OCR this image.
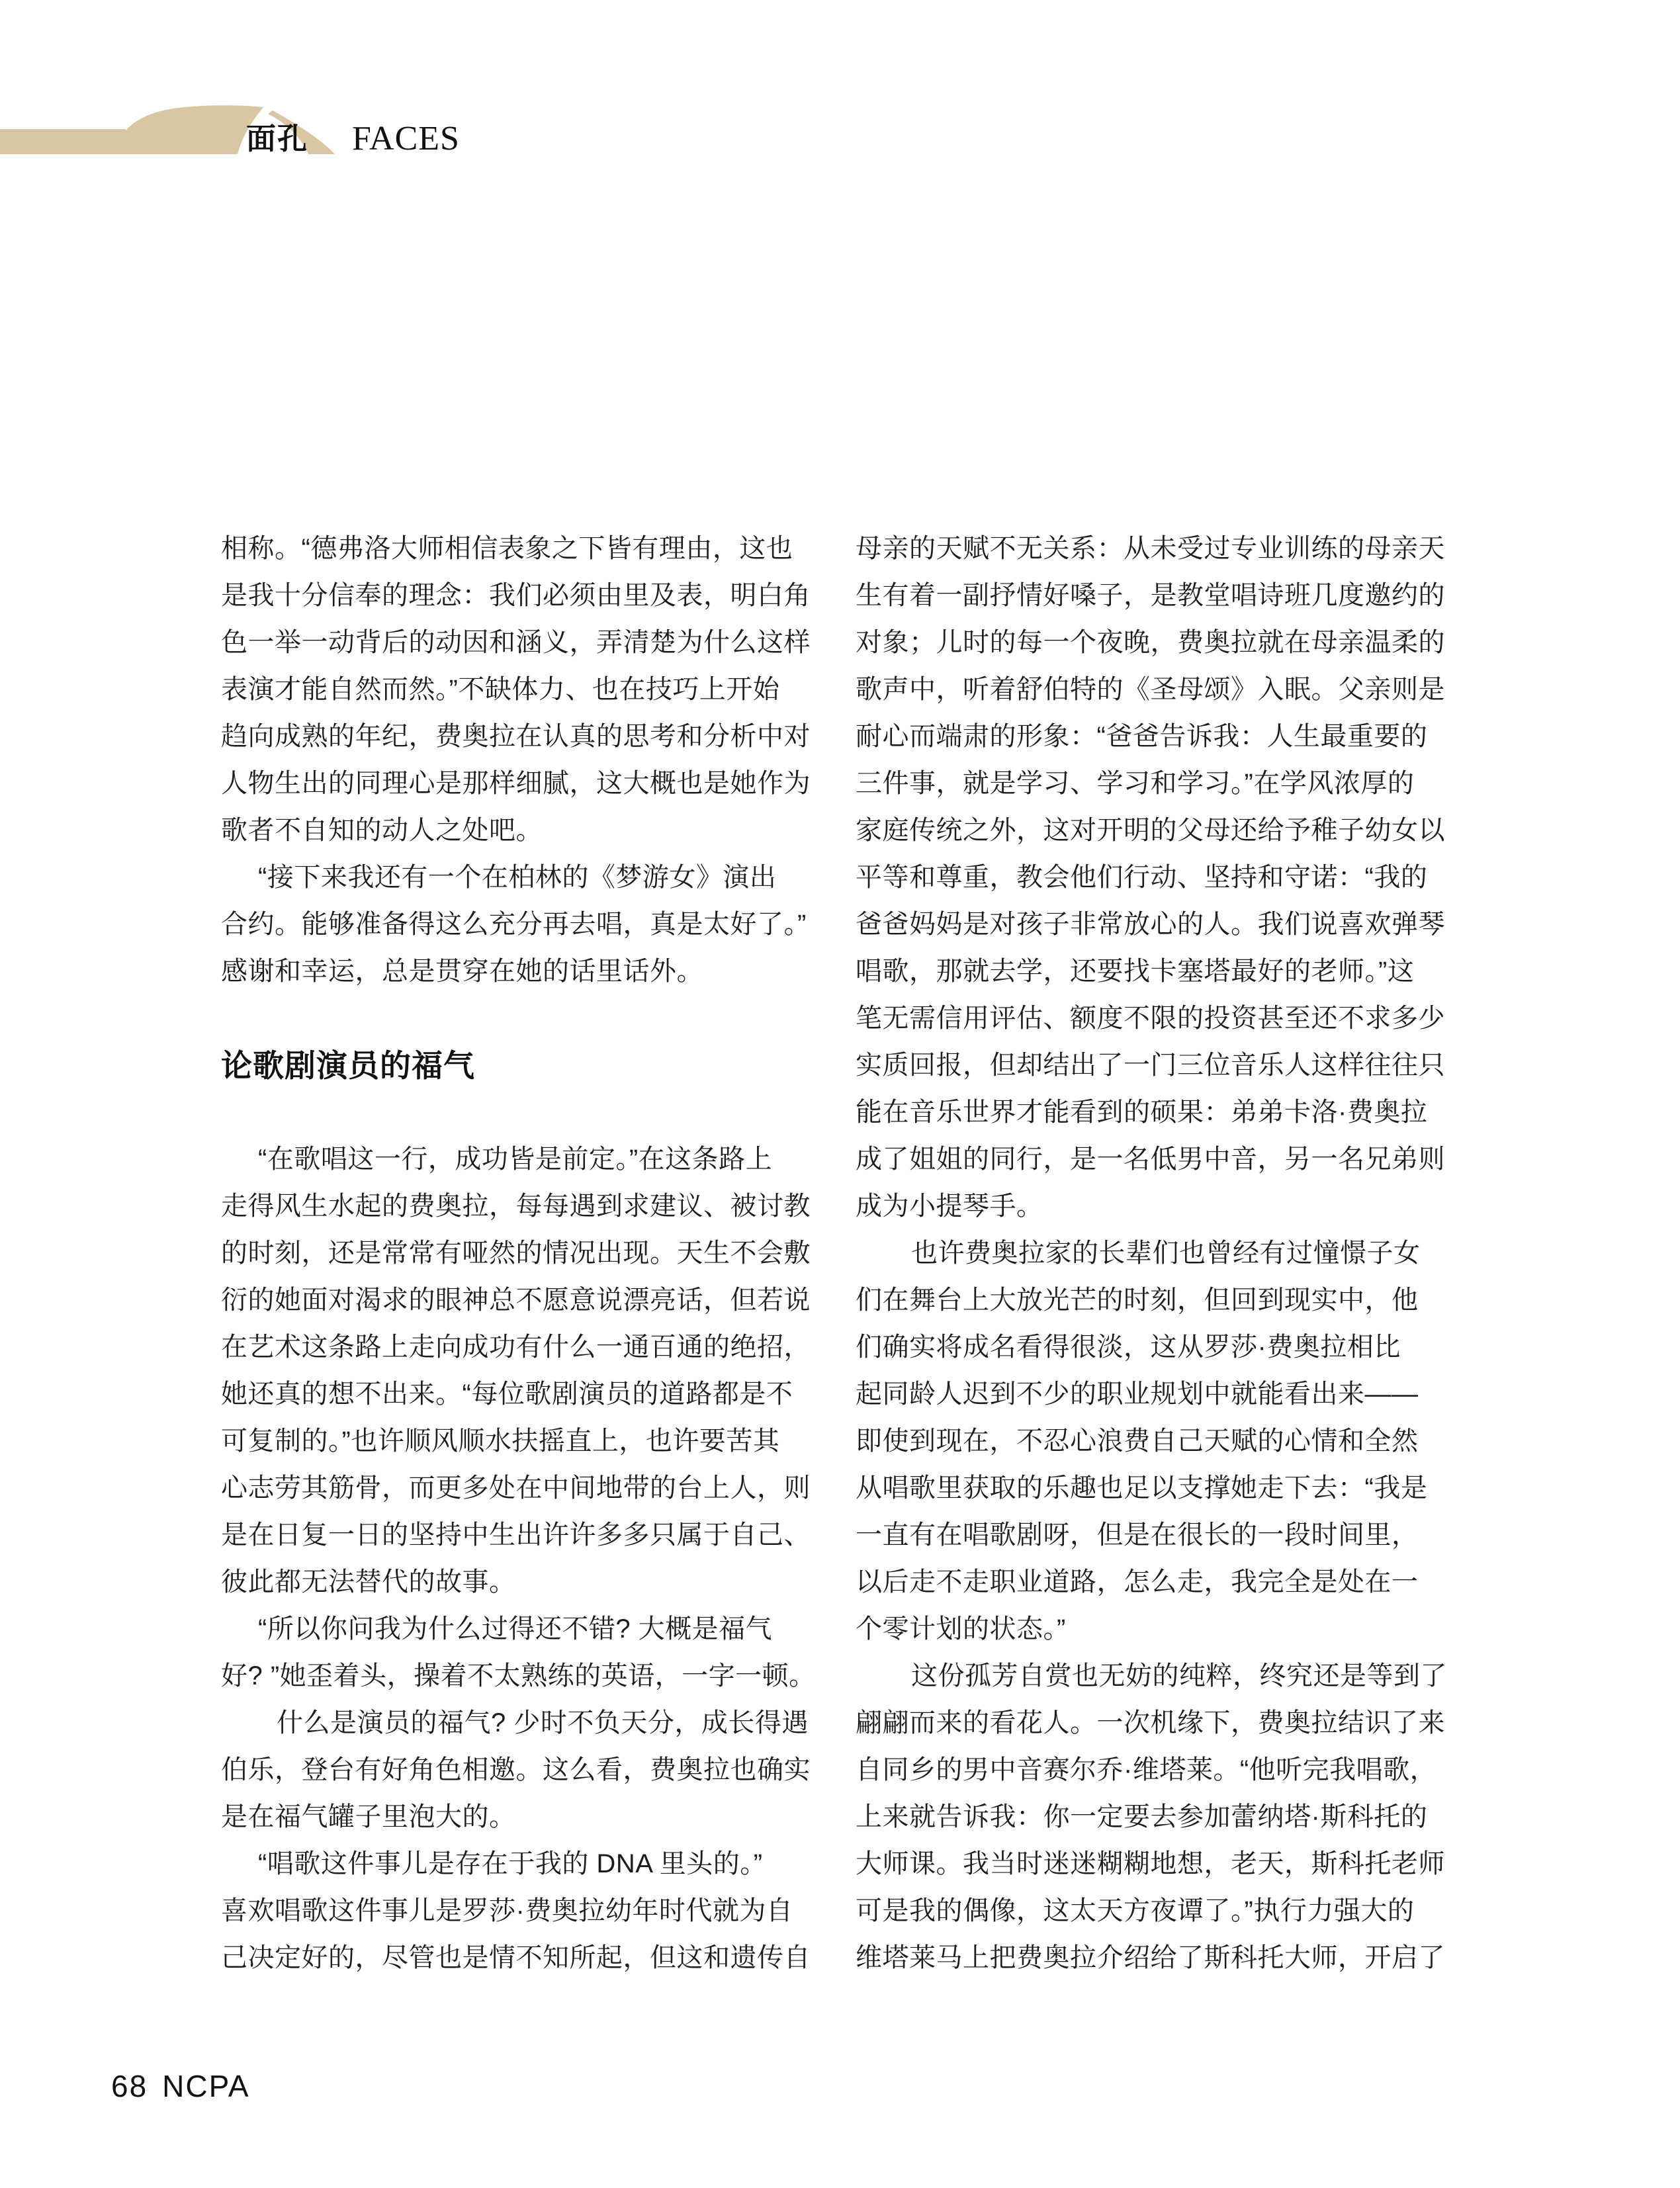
面孔 FACES
相称。“德弗洛大师相信表象之下皆有理由，这也
是我十分信奉的理念：我们必须由里及表，明白角
色一举一动背后的动因和涵义，弄清楚为什么这样
表演才能自然而然。”不缺体力、也在技巧上开始
趋向成熟的年纪，费奥拉在认真的思考和分析中对
人物生出的同理心是那样细腻，这大概也是她作为
歌者不自知的动人之处吧。
“接下来我还有一个在柏林的《梦游女》演出
合约。能够准备得这么充分再去唱，真是太好了。”
感谢和幸运，总是贯穿在她的话里话外。
论歌剧演员的福气
“在歌唱这一行，成功皆是前定。”在这条路上
走得风生水起的费奥拉，每每遇到求建议、被讨教
的时刻，还是常常有哑然的情况出现。天生不会敷
衍的她面对渴求的眼神总不愿意说漂亮话，但若说
在艺术这条路上走向成功有什么一通百通的绝招，
她还真的想不出来。“每位歌剧演员的道路都是不
可复制的。”也许顺风顺水扶摇直上，也许要苦其
心志劳其筋骨，而更多处在中间地带的台上人，则
是在日复一日的坚持中生出许许多多只属于自己、
彼此都无法替代的故事。
“所以你问我为什么过得还不错? 大概是福气
好? ”她歪着头，操着不太熟练的英语，一字一顿。
什么是演员的福气? 少时不负天分，成长得遇
伯乐，登台有好角色相邀。这么看，费奥拉也确实
是在福气罐子里泡大的。
“唱歌这件事儿是存在于我的 DNA 里头的。”
喜欢唱歌这件事儿是罗莎·费奥拉幼年时代就为自
己决定好的，尽管也是情不知所起，但这和遗传自
母亲的天赋不无关系：从未受过专业训练的母亲天
生有着一副抒情好嗓子，是教堂唱诗班几度邀约的
对象；儿时的每一个夜晚，费奥拉就在母亲温柔的
歌声中，听着舒伯特的《圣母颂》入眠。父亲则是
耐心而端肃的形象：“爸爸告诉我：人生最重要的
三件事，就是学习、学习和学习。”在学风浓厚的
家庭传统之外，这对开明的父母还给予稚子幼女以
平等和尊重，教会他们行动、坚持和守诺：“我的
爸爸妈妈是对孩子非常放心的人。我们说喜欢弹琴
唱歌，那就去学，还要找卡塞塔最好的老师。”这
笔无需信用评估、额度不限的投资甚至还不求多少
实质回报，但却结出了一门三位音乐人这样往往只
能在音乐世界才能看到的硕果：弟弟卡洛·费奥拉
成了姐姐的同行，是一名低男中音，另一名兄弟则
成为小提琴手。
也许费奥拉家的长辈们也曾经有过憧憬子女
们在舞台上大放光芒的时刻，但回到现实中，他
们确实将成名看得很淡，这从罗莎·费奥拉相比
起同龄人迟到不少的职业规划中就能看出来——
即使到现在，不忍心浪费自己天赋的心情和全然
从唱歌里获取的乐趣也足以支撑她走下去：“我是
一直有在唱歌剧呀，但是在很长的一段时间里，
以后走不走职业道路，怎么走，我完全是处在一
个零计划的状态。”
这份孤芳自赏也无妨的纯粹，终究还是等到了
翩翩而来的看花人。一次机缘下，费奥拉结识了来
自同乡的男中音赛尔乔·维塔莱。“他听完我唱歌，
上来就告诉我：你一定要去参加蕾纳塔·斯科托的
大师课。我当时迷迷糊糊地想，老天，斯科托老师
可是我的偶像，这太天方夜谭了。”执行力强大的
维塔莱马上把费奥拉介绍给了斯科托大师，开启了
68 NCPA
